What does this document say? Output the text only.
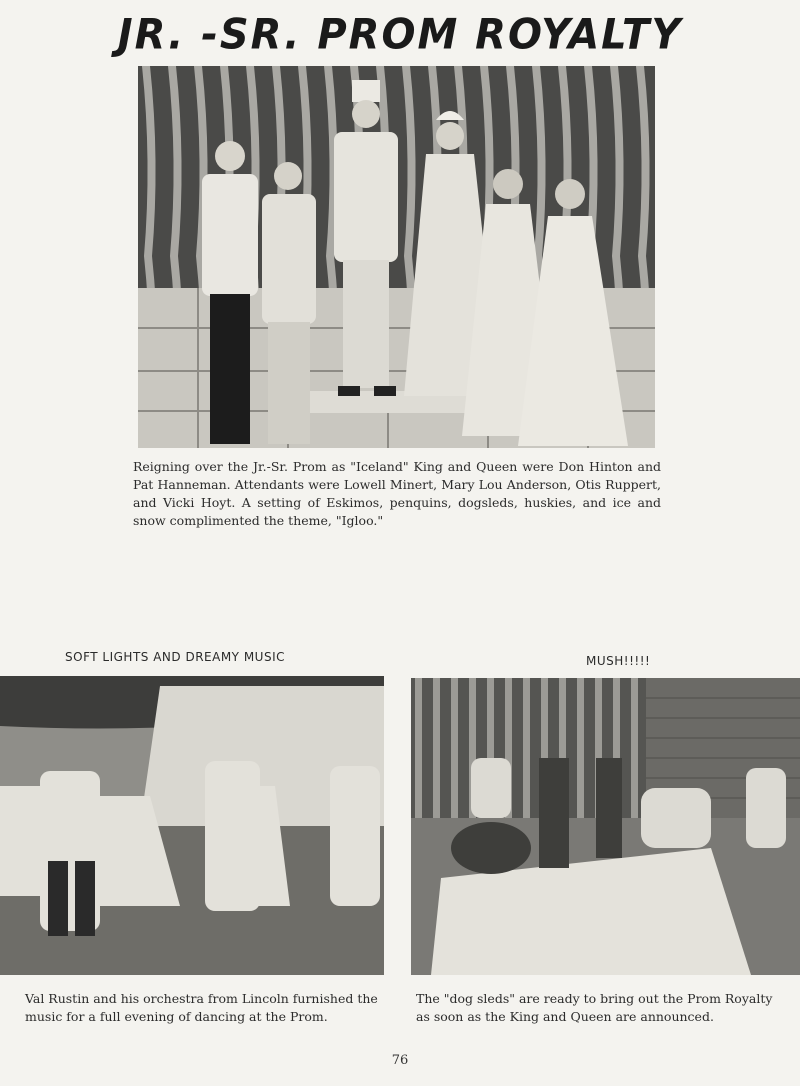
JR. -SR. PROM ROYALTY
Reigning over the Jr.-Sr. Prom as "Iceland" King and Queen were Don Hinton and Pat Hanneman. Attendants were Lowell Minert, Mary Lou Anderson, Otis Ruppert, and Vicki Hoyt. A setting of Eskimos, penquins, dogsleds, huskies, and ice and snow complimented the theme, "Igloo."
SOFT LIGHTS AND DREAMY MUSIC	MUSH!!!!!
Val Rustin and his orchestra from Lincoln furnished the music for a full evening of dancing at the Prom.
The "dog sleds" are ready to bring out the Prom Royalty as soon as the King and Queen are announced.
76
